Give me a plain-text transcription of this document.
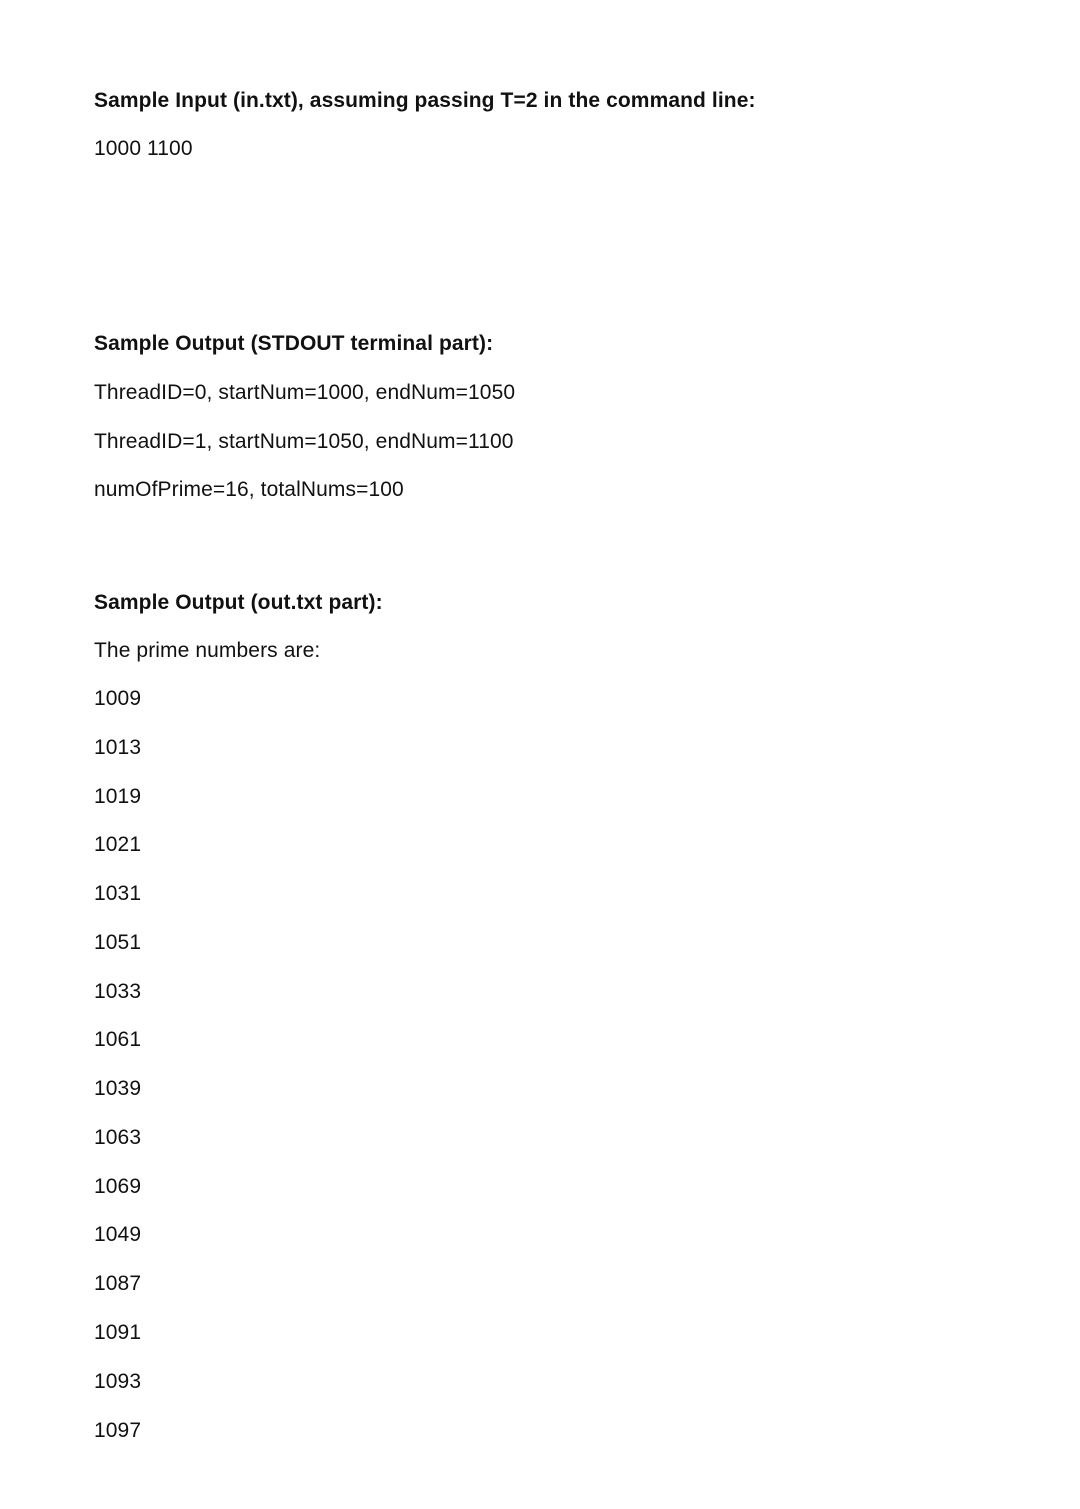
Sample Input (in.txt), assuming passing T=2 in the command line:
1000 1100
Sample Output (STDOUT terminal part):
ThreadID=0, startNum=1000, endNum=1050
ThreadID=1, startNum=1050, endNum=1100
numOfPrime=16, totalNums=100
Sample Output (out.txt part):
The prime numbers are:
1009
1013
1019
1021
1031
1051
1033
1061
1039
1063
1069
1049
1087
1091
1093
1097
